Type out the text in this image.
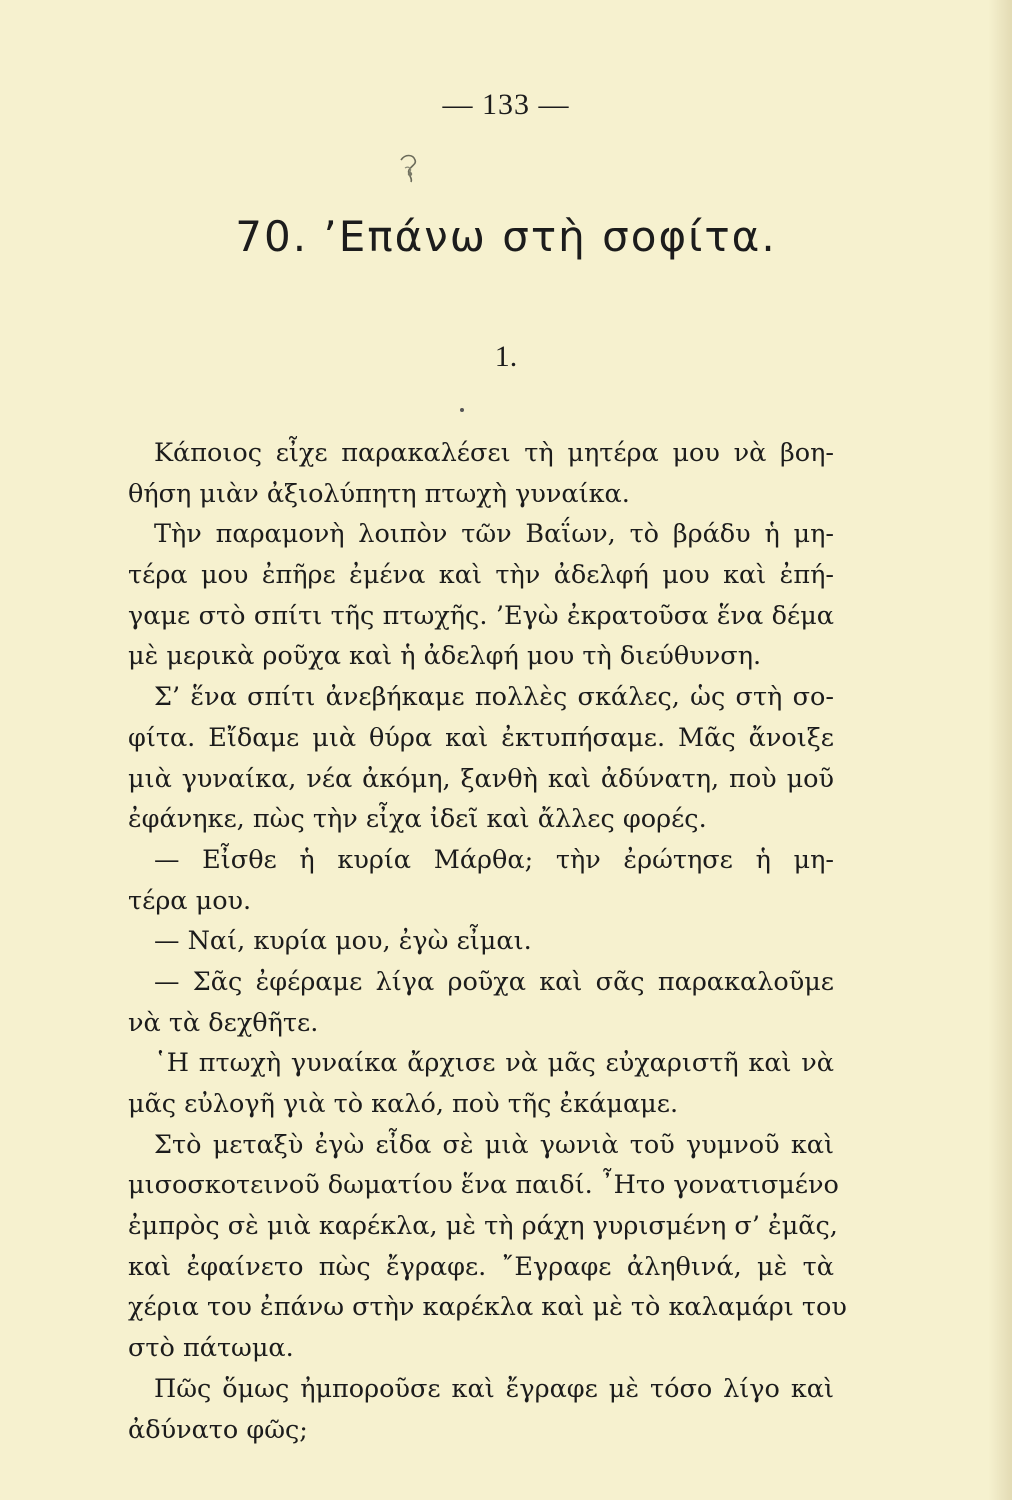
— 133 —
70. ’Επάνω στὴ σοφίτα.
1.
Κάποιος εἶχε παρακαλέσει τὴ μητέρα μου νὰ βοη-
θήση μιὰν ἀξιολύπητη πτωχὴ γυναίκα.
Τὴν παραμονὴ λοιπὸν τῶν Βαΐων, τὸ βράδυ ἡ μη-
τέρα μου ἐπῆρε ἐμένα καὶ τὴν ἀδελφή μου καὶ ἐπή-
γαμε στὸ σπίτι τῆς πτωχῆς. ’Εγὼ ἐκρατοῦσα ἕνα δέμα
μὲ μερικὰ ροῦχα καὶ ἡ ἀδελφή μου τὴ διεύθυνση.
Σ’ ἕνα σπίτι ἀνεβήκαμε πολλὲς σκάλες, ὡς στὴ σο-
φίτα. Εἴδαμε μιὰ θύρα καὶ ἐκτυπήσαμε. Μᾶς ἄνοιξε
μιὰ γυναίκα, νέα ἀκόμη, ξανθὴ καὶ ἀδύνατη, ποὺ μοῦ
ἐφάνηκε, πὼς τὴν εἶχα ἰδεῖ καὶ ἄλλες φορές.
— Εἶσθε ἡ κυρία Μάρθα; τὴν ἐρώτησε ἡ μη-
τέρα μου.
— Ναί, κυρία μου, ἐγὼ εἶμαι.
— Σᾶς ἐφέραμε λίγα ροῦχα καὶ σᾶς παρακαλοῦμε
νὰ τὰ δεχθῆτε.
῾Η πτωχὴ γυναίκα ἄρχισε νὰ μᾶς εὐχαριστῆ καὶ νὰ
μᾶς εὐλογῆ γιὰ τὸ καλό, ποὺ τῆς ἐκάμαμε.
Στὸ μεταξὺ ἐγὼ εἶδα σὲ μιὰ γωνιὰ τοῦ γυμνοῦ καὶ
μισοσκοτεινοῦ δωματίου ἕνα παιδί. ῏Ητο γονατισμένο
ἐμπρὸς σὲ μιὰ καρέκλα, μὲ τὴ ράχη γυρισμένη σ’ ἐμᾶς,
καὶ ἐφαίνετο πὼς ἔγραφε. ῎Εγραφε ἀληθινά, μὲ τὰ
χέρια του ἐπάνω στὴν καρέκλα καὶ μὲ τὸ καλαμάρι του
στὸ πάτωμα.
Πῶς ὅμως ἠμποροῦσε καὶ ἔγραφε μὲ τόσο λίγο καὶ
ἀδύνατο φῶς;
